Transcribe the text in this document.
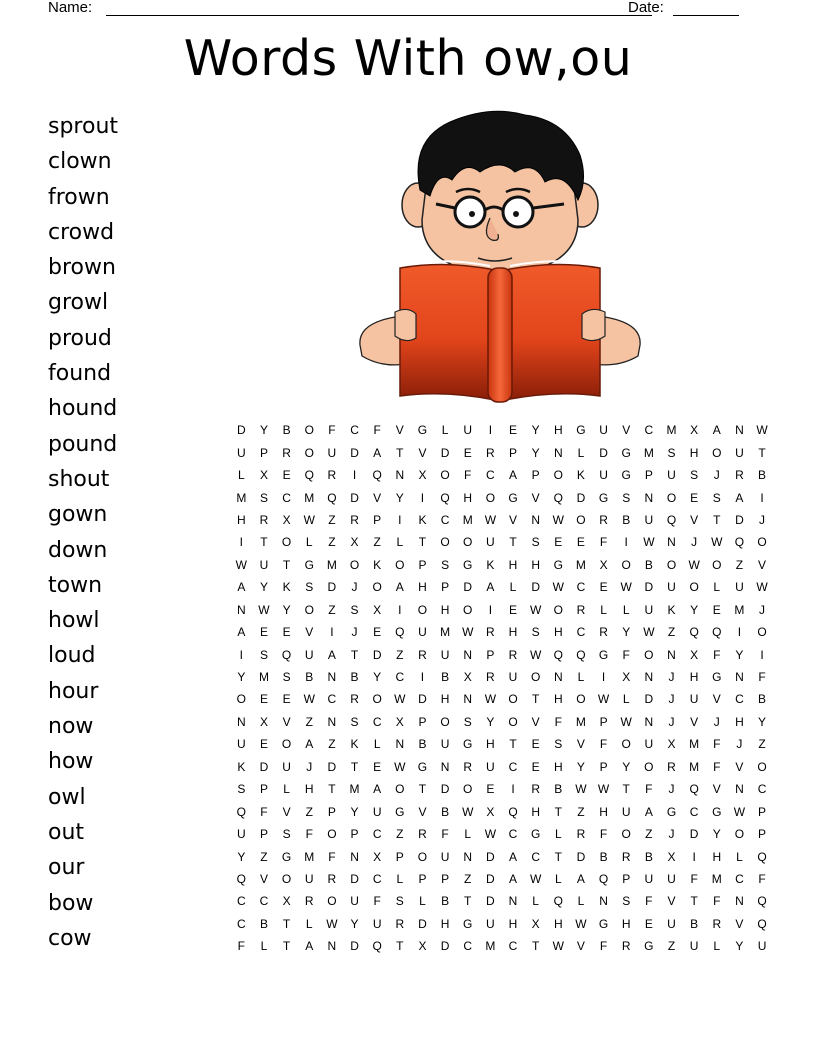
Name:	Date:
Words With ow,ou
sprout
clown
frown
crowd
brown
growl
proud
found
hound
pound
shout
gown
down
town
howl
loud
hour
now
how
owl
out
our
bow
cow
D	Y	B	O	F	C	F	V	G	L	U	I	E	Y	H	G	U	V	C	M	X	A	N	W
U	P	R	O	U	D	A	T	V	D	E	R	P	Y	N	L	D	G	M	S	H	O	U	T
L	X	E	Q	R	I	Q	N	X	O	F	C	A	P	O	K	U	G	P	U	S	J	R	B
M	S	C	M	Q	D	V	Y	I	Q	H	O	G	V	Q	D	G	S	N	O	E	S	A	I
H	R	X	W	Z	R	P	I	K	C	M W	V	N	W	O	R	B	U	Q	V	T	D	J
I	T	O	L	Z	X	Z	L	T	O	O	U	T	S	E	E	F	I	W	N	J	W	Q	O
W	U	T	G	M	O	K	O	P	S	G	K	H	H	G	M	X	O	B	O	W	O	Z	V
A	Y	K	S	D	J	O	A	H	P	D	A	L	D	W	C	E	W	D	U	O	L	U	W
N	W	Y	O	Z	S	X	I	O	H	O	I	E	W	O	R	L	L	U	K	Y	E	M	J
A	E	E	V	I	J	E	Q	U	M W	R	H	S	H	C	R	Y	W	Z	Q	Q	I	O
I	S	Q	U	A	T	D	Z	R	U	N	P	R	W	Q	Q	G	F	O	N	X	F	Y	I
Y	M	S	B	N	B	Y	C	I	B	X	R	U	O	N	L	I	X	N	J	H	G	N	F
O	E	E	W	C	R	O	W	D	H	N	W	O	T	H	O	W	L	D	J	U	V	C	B
N	X	V	Z	N	S	C	X	P	O	S	Y	O	V	F	M	P	W	N	J	V	J	H	Y
U	E	O	A	Z	K	L	N	B	U	G	H	T	E	S	V	F	O	U	X	M	F	J	Z
K	D	U	J	D	T	E	W	G	N	R	U	C	E	H	Y	P	Y	O	R	M	F	V	O
S	P	L	H	T	M	A	O	T	D	O	E	I	R	B	W W	T	F	J	Q	V	N	C
Q	F	V	Z	P	Y	U	G	V	B	W	X	Q	H	T	Z	H	U	A	G	C	G	W	P
U	P	S	F	O	P	C	Z	R	F	L	W	C	G	L	R	F	O	Z	J	D	Y	O	P
Y	Z	G	M	F	N	X	P	O	U	N	D	A	C	T	D	B	R	B	X	I	H	L	Q
Q	V	O	U	R	D	C	L	P	P	Z	D	A	W	L	A	Q	P	U	U	F	M	C	F
C	C	X	R	O	U	F	S	L	B	T	D	N	L	Q	L	N	S	F	V	T	F	N	Q
C	B	T	L	W	Y	U	R	D	H	G	U	H	X	H	W	G	H	E	U	B	R	V	Q
F	L	T	A	N	D	Q	T	X	D	C	M	C	T	W	V	F	R	G	Z	U	L	Y	U
